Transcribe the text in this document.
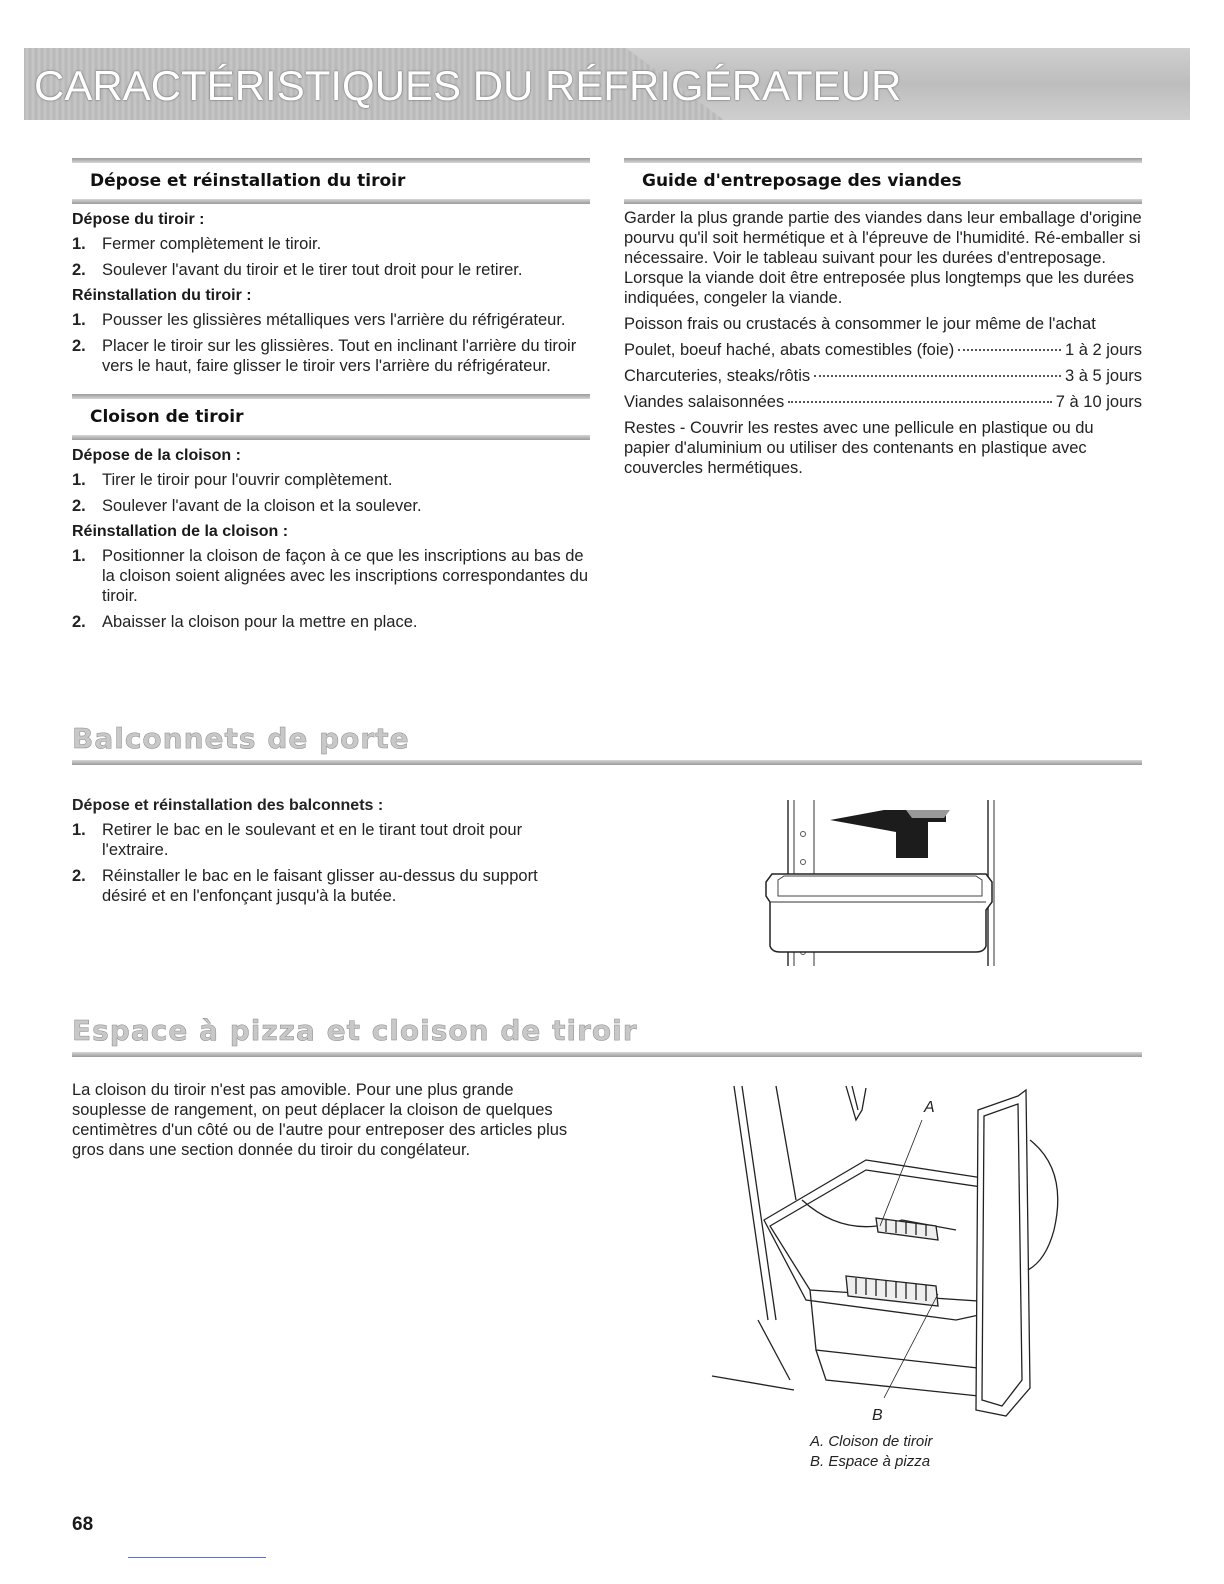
CARACTÉRISTIQUES DU RÉFRIGÉRATEUR
Dépose et réinstallation du tiroir
Dépose du tiroir :
1. Fermer complètement le tiroir.
2. Soulever l'avant du tiroir et le tirer tout droit pour le retirer.
Réinstallation du tiroir :
1. Pousser les glissières métalliques vers l'arrière du réfrigérateur.
2. Placer le tiroir sur les glissières. Tout en inclinant l'arrière du tiroir vers le haut, faire glisser le tiroir vers l'arrière du réfrigérateur.
Cloison de tiroir
Dépose de la cloison :
1. Tirer le tiroir pour l'ouvrir complètement.
2. Soulever l'avant de la cloison et la soulever.
Réinstallation de la cloison :
1. Positionner la cloison de façon à ce que les inscriptions au bas de la cloison soient alignées avec les inscriptions correspondantes du tiroir.
2. Abaisser la cloison pour la mettre en place.
Guide d'entreposage des viandes

Garder la plus grande partie des viandes dans leur emballage d'origine pourvu qu'il soit hermétique et à l'épreuve de l'humidité. Ré-emballer si nécessaire. Voir le tableau suivant pour les durées d'entreposage. Lorsque la viande doit être entreposée plus longtemps que les durées indiquées, congeler la viande.

Poisson frais ou crustacés à consommer le jour même de l'achat

Poulet, boeuf haché, abats comestibles (foie)	1 à 2 jours
Charcuteries, steaks/rôtis	3 à 5 jours
Viandes salaisonnées	7 à 10 jours

Restes - Couvrir les restes avec une pellicule en plastique ou du papier d'aluminium ou utiliser des contenants en plastique avec couvercles hermétiques.

Balconnets de porte
Dépose et réinstallation des balconnets :
1. Retirer le bac en le soulevant et en le tirant tout droit pour l'extraire.
2. Réinstaller le bac en le faisant glisser au-dessus du support désiré et en l'enfonçant jusqu'à la butée.
Espace à pizza et cloison de tiroir
La cloison du tiroir n'est pas amovible. Pour une plus grande souplesse de rangement, on peut déplacer la cloison de quelques centimètres d'un côté ou de l'autre pour entreposer des articles plus gros dans une section donnée du tiroir du congélateur.
A
B
A. Cloison de tiroir
B. Espace à pizza
68
